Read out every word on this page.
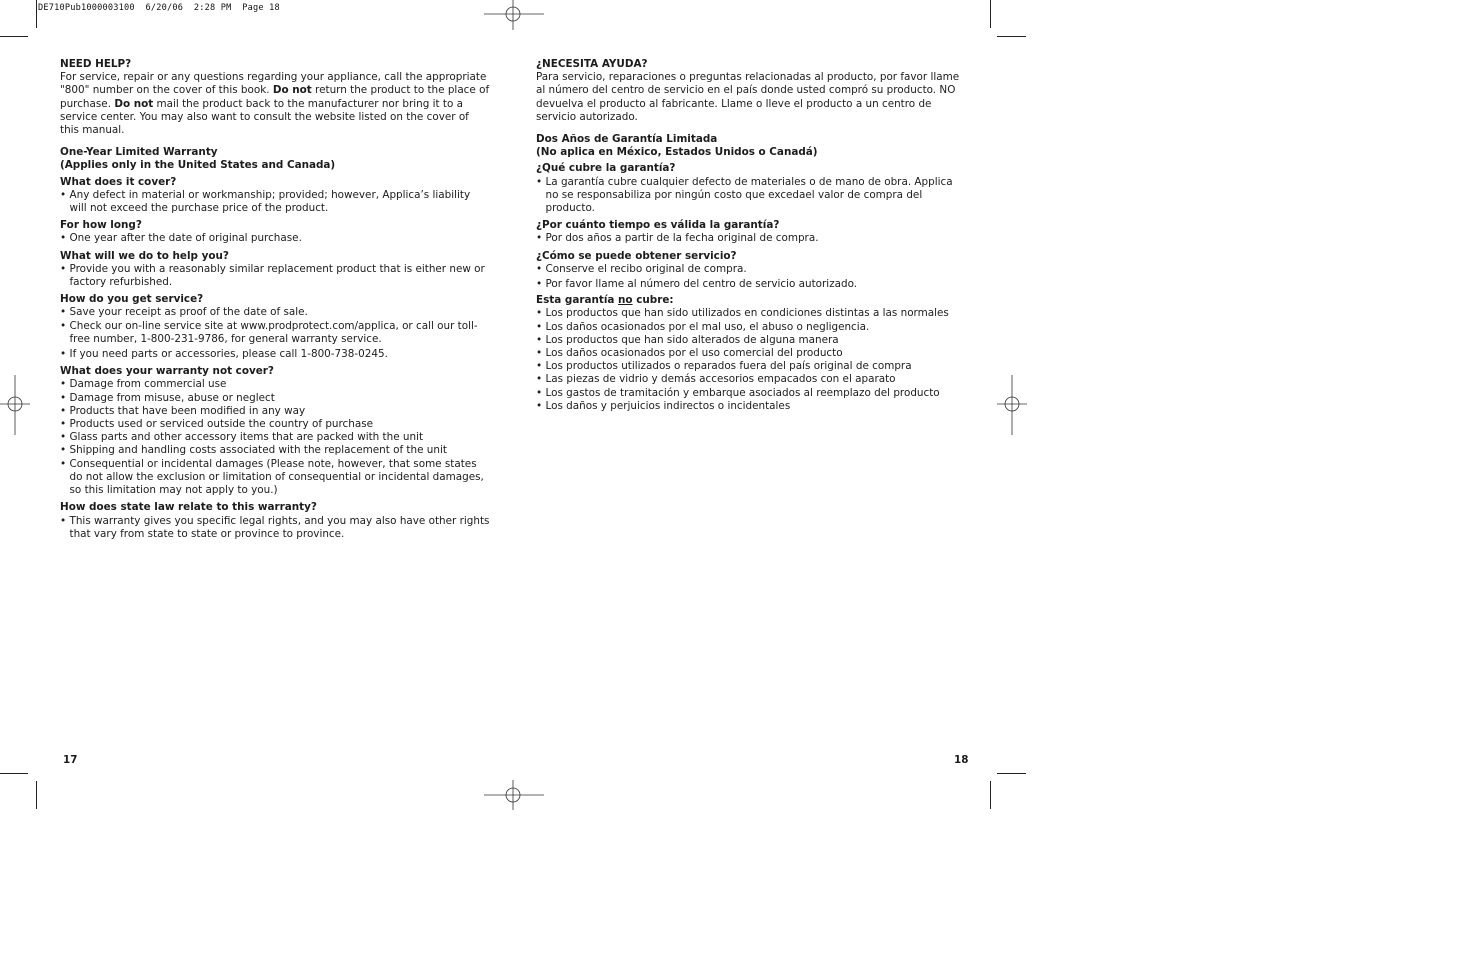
DE710Pub1000003100  6/20/06  2:28 PM  Page 18

NEED HELP?

For service, repair or any questions regarding your appliance, call the appropriate "800" number on the cover of this book. Do not return the product to the place of purchase. Do not mail the product back to the manufacturer nor bring it to a service center. You may also want to consult the website listed on the cover of this manual.

One-Year Limited Warranty

(Applies only in the United States and Canada)

What does it cover?

• Any defect in material or workmanship; provided; however, Applica’s liability will not exceed the purchase price of the product.

For how long?

• One year after the date of original purchase.

What will we do to help you?

• Provide you with a reasonably similar replacement product that is either new or factory refurbished.

How do you get service?

• Save your receipt as proof of the date of sale.
• Check our on-line service site at www.prodprotect.com/applica, or call our toll-free number, 1-800-231-9786, for general warranty service.
• If you need parts or accessories, please call 1-800-738-0245.

What does your warranty not cover?

• Damage from commercial use
• Damage from misuse, abuse or neglect
• Products that have been modified in any way
• Products used or serviced outside the country of purchase
• Glass parts and other accessory items that are packed with the unit
• Shipping and handling costs associated with the replacement of the unit
• Consequential or incidental damages (Please note, however, that some states do not allow the exclusion or limitation of consequential or incidental damages, so this limitation may not apply to you.)

How does state law relate to this warranty?

• This warranty gives you specific legal rights, and you may also have other rights that vary from state to state or province to province.

¿NECESITA AYUDA?

Para servicio, reparaciones o preguntas relacionadas al producto, por favor llame al número del centro de servicio en el país donde usted compró su producto. NO devuelva el producto al fabricante. Llame o lleve el producto a un centro de servicio autorizado.

Dos Años de Garantía Limitada

(No aplica en México, Estados Unidos o Canadá)

¿Qué cubre la garantía?

• La garantía cubre cualquier defecto de materiales o de mano de obra. Applica no se responsabiliza por ningún costo que excedael valor de compra del producto.

¿Por cuánto tiempo es válida la garantía?

• Por dos años a partir de la fecha original de compra.

¿Cómo se puede obtener servicio?

• Conserve el recibo original de compra.
• Por favor llame al número del centro de servicio autorizado.

Esta garantía no cubre:

• Los productos que han sido utilizados en condiciones distintas a las normales
• Los daños ocasionados por el mal uso, el abuso o negligencia.
• Los productos que han sido alterados de alguna manera
• Los daños ocasionados por el uso comercial del producto
• Los productos utilizados o reparados fuera del país original de compra
• Las piezas de vidrio y demás accesorios empacados con el aparato
• Los gastos de tramitación y embarque asociados al reemplazo del producto
• Los daños y perjuicios indirectos o incidentales
17	18
